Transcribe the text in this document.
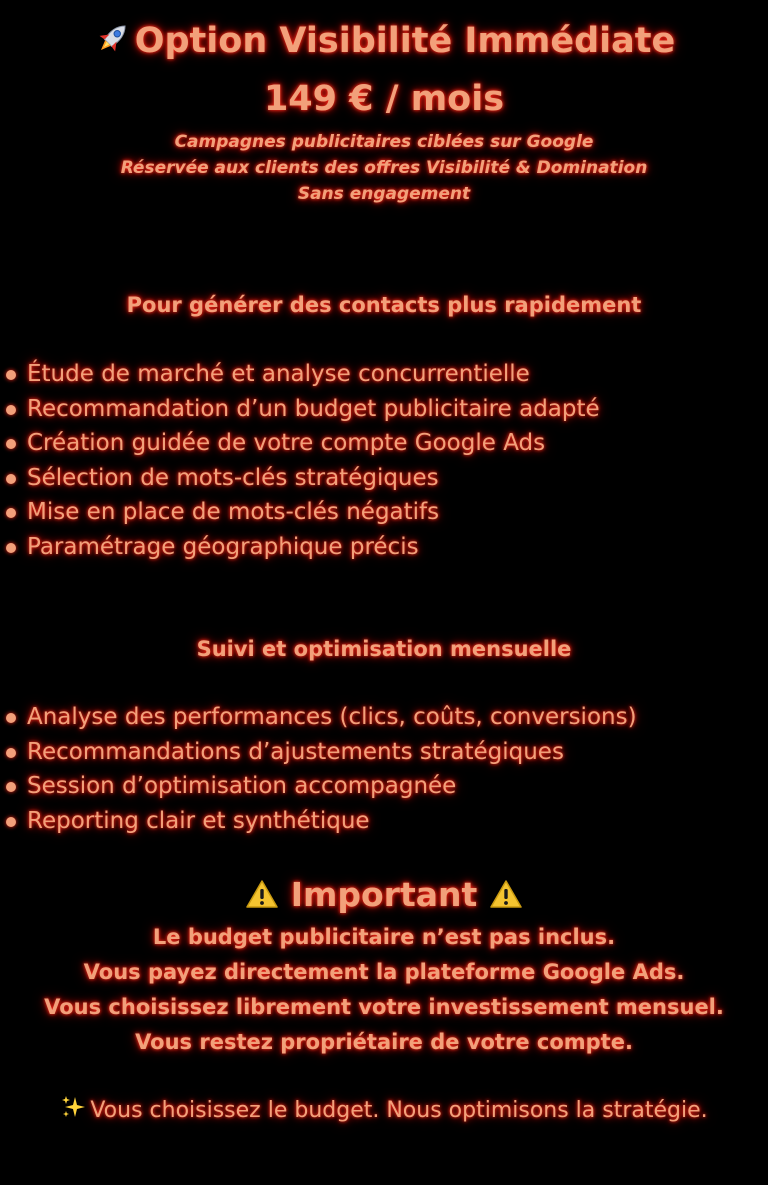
Option Visibilité Immédiate
149 € / mois
Campagnes publicitaires ciblées sur Google
Réservée aux clients des offres Visibilité & Domination
Sans engagement
Pour générer des contacts plus rapidement
Étude de marché et analyse concurrentielle
Recommandation d’un budget publicitaire adapté
Création guidée de votre compte Google Ads
Sélection de mots-clés stratégiques
Mise en place de mots-clés négatifs
Paramétrage géographique précis
Suivi et optimisation mensuelle
Analyse des performances (clics, coûts, conversions)
Recommandations d’ajustements stratégiques
Session d’optimisation accompagnée
Reporting clair et synthétique
Important
Le budget publicitaire n’est pas inclus.
Vous payez directement la plateforme Google Ads.
Vous choisissez librement votre investissement mensuel.
Vous restez propriétaire de votre compte.
Vous choisissez le budget. Nous optimisons la stratégie.
